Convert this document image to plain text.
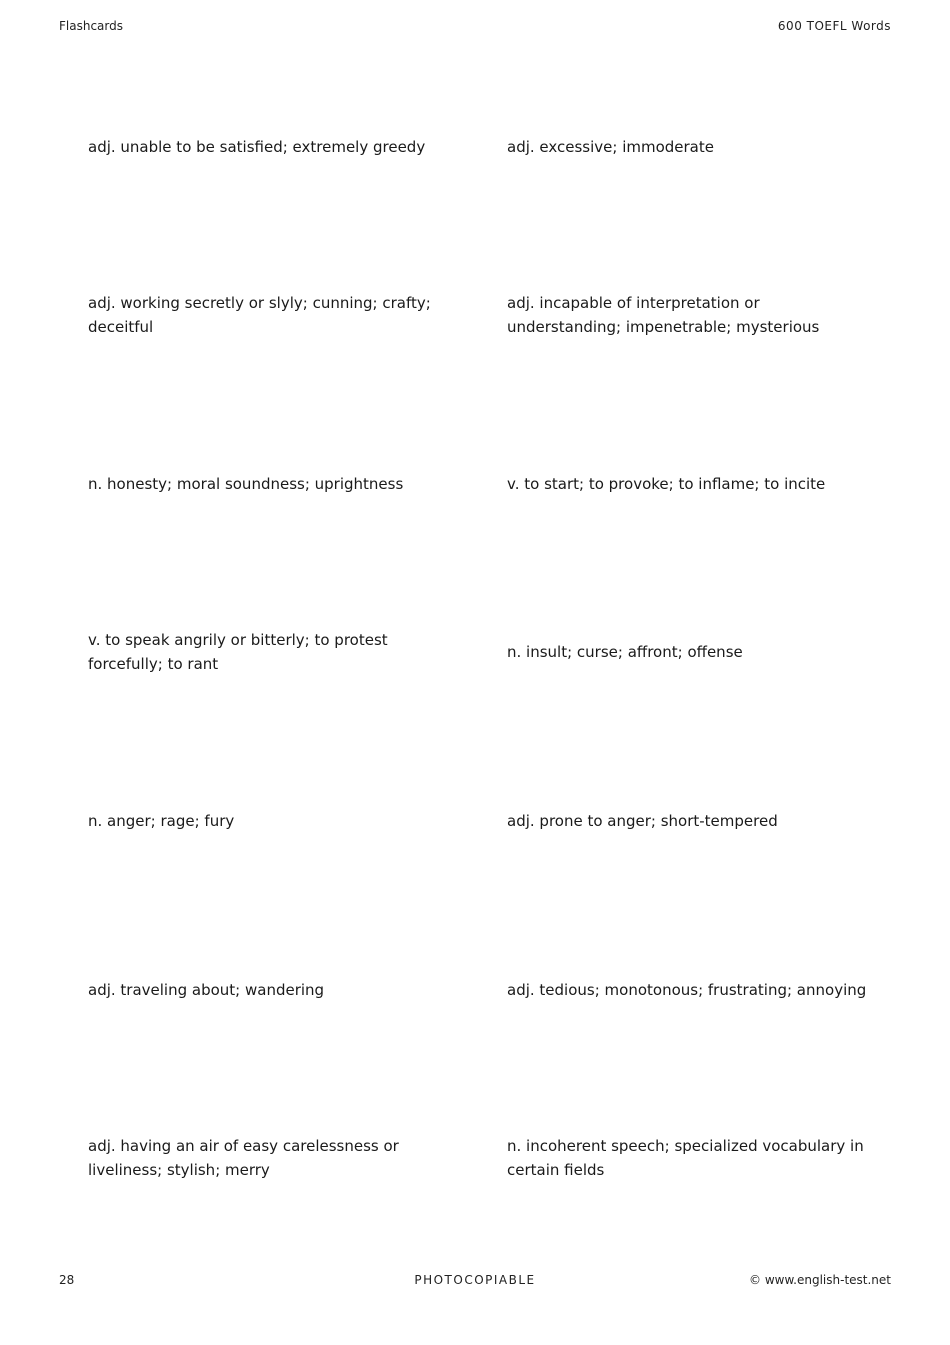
Flashcards	600 TOEFL Words
adj. unable to be satisfied; extremely greedy	adj. excessive; immoderate
adj. working secretly or slyly; cunning; crafty; deceitful
adj. incapable of interpretation or understanding; impenetrable; mysterious
n. honesty; moral soundness; uprightness	v. to start; to provoke; to inflame; to incite
v. to speak angrily or bitterly; to protest forcefully; to rant
n. insult; curse; affront; offense
n. anger; rage; fury	adj. prone to anger; short-tempered
adj. traveling about; wandering	adj. tedious; monotonous; frustrating; annoying
adj. having an air of easy carelessness or liveliness; stylish; merry
n. incoherent speech; specialized vocabulary in certain fields
28	PHOTOCOPIABLE	© www.english-test.net
